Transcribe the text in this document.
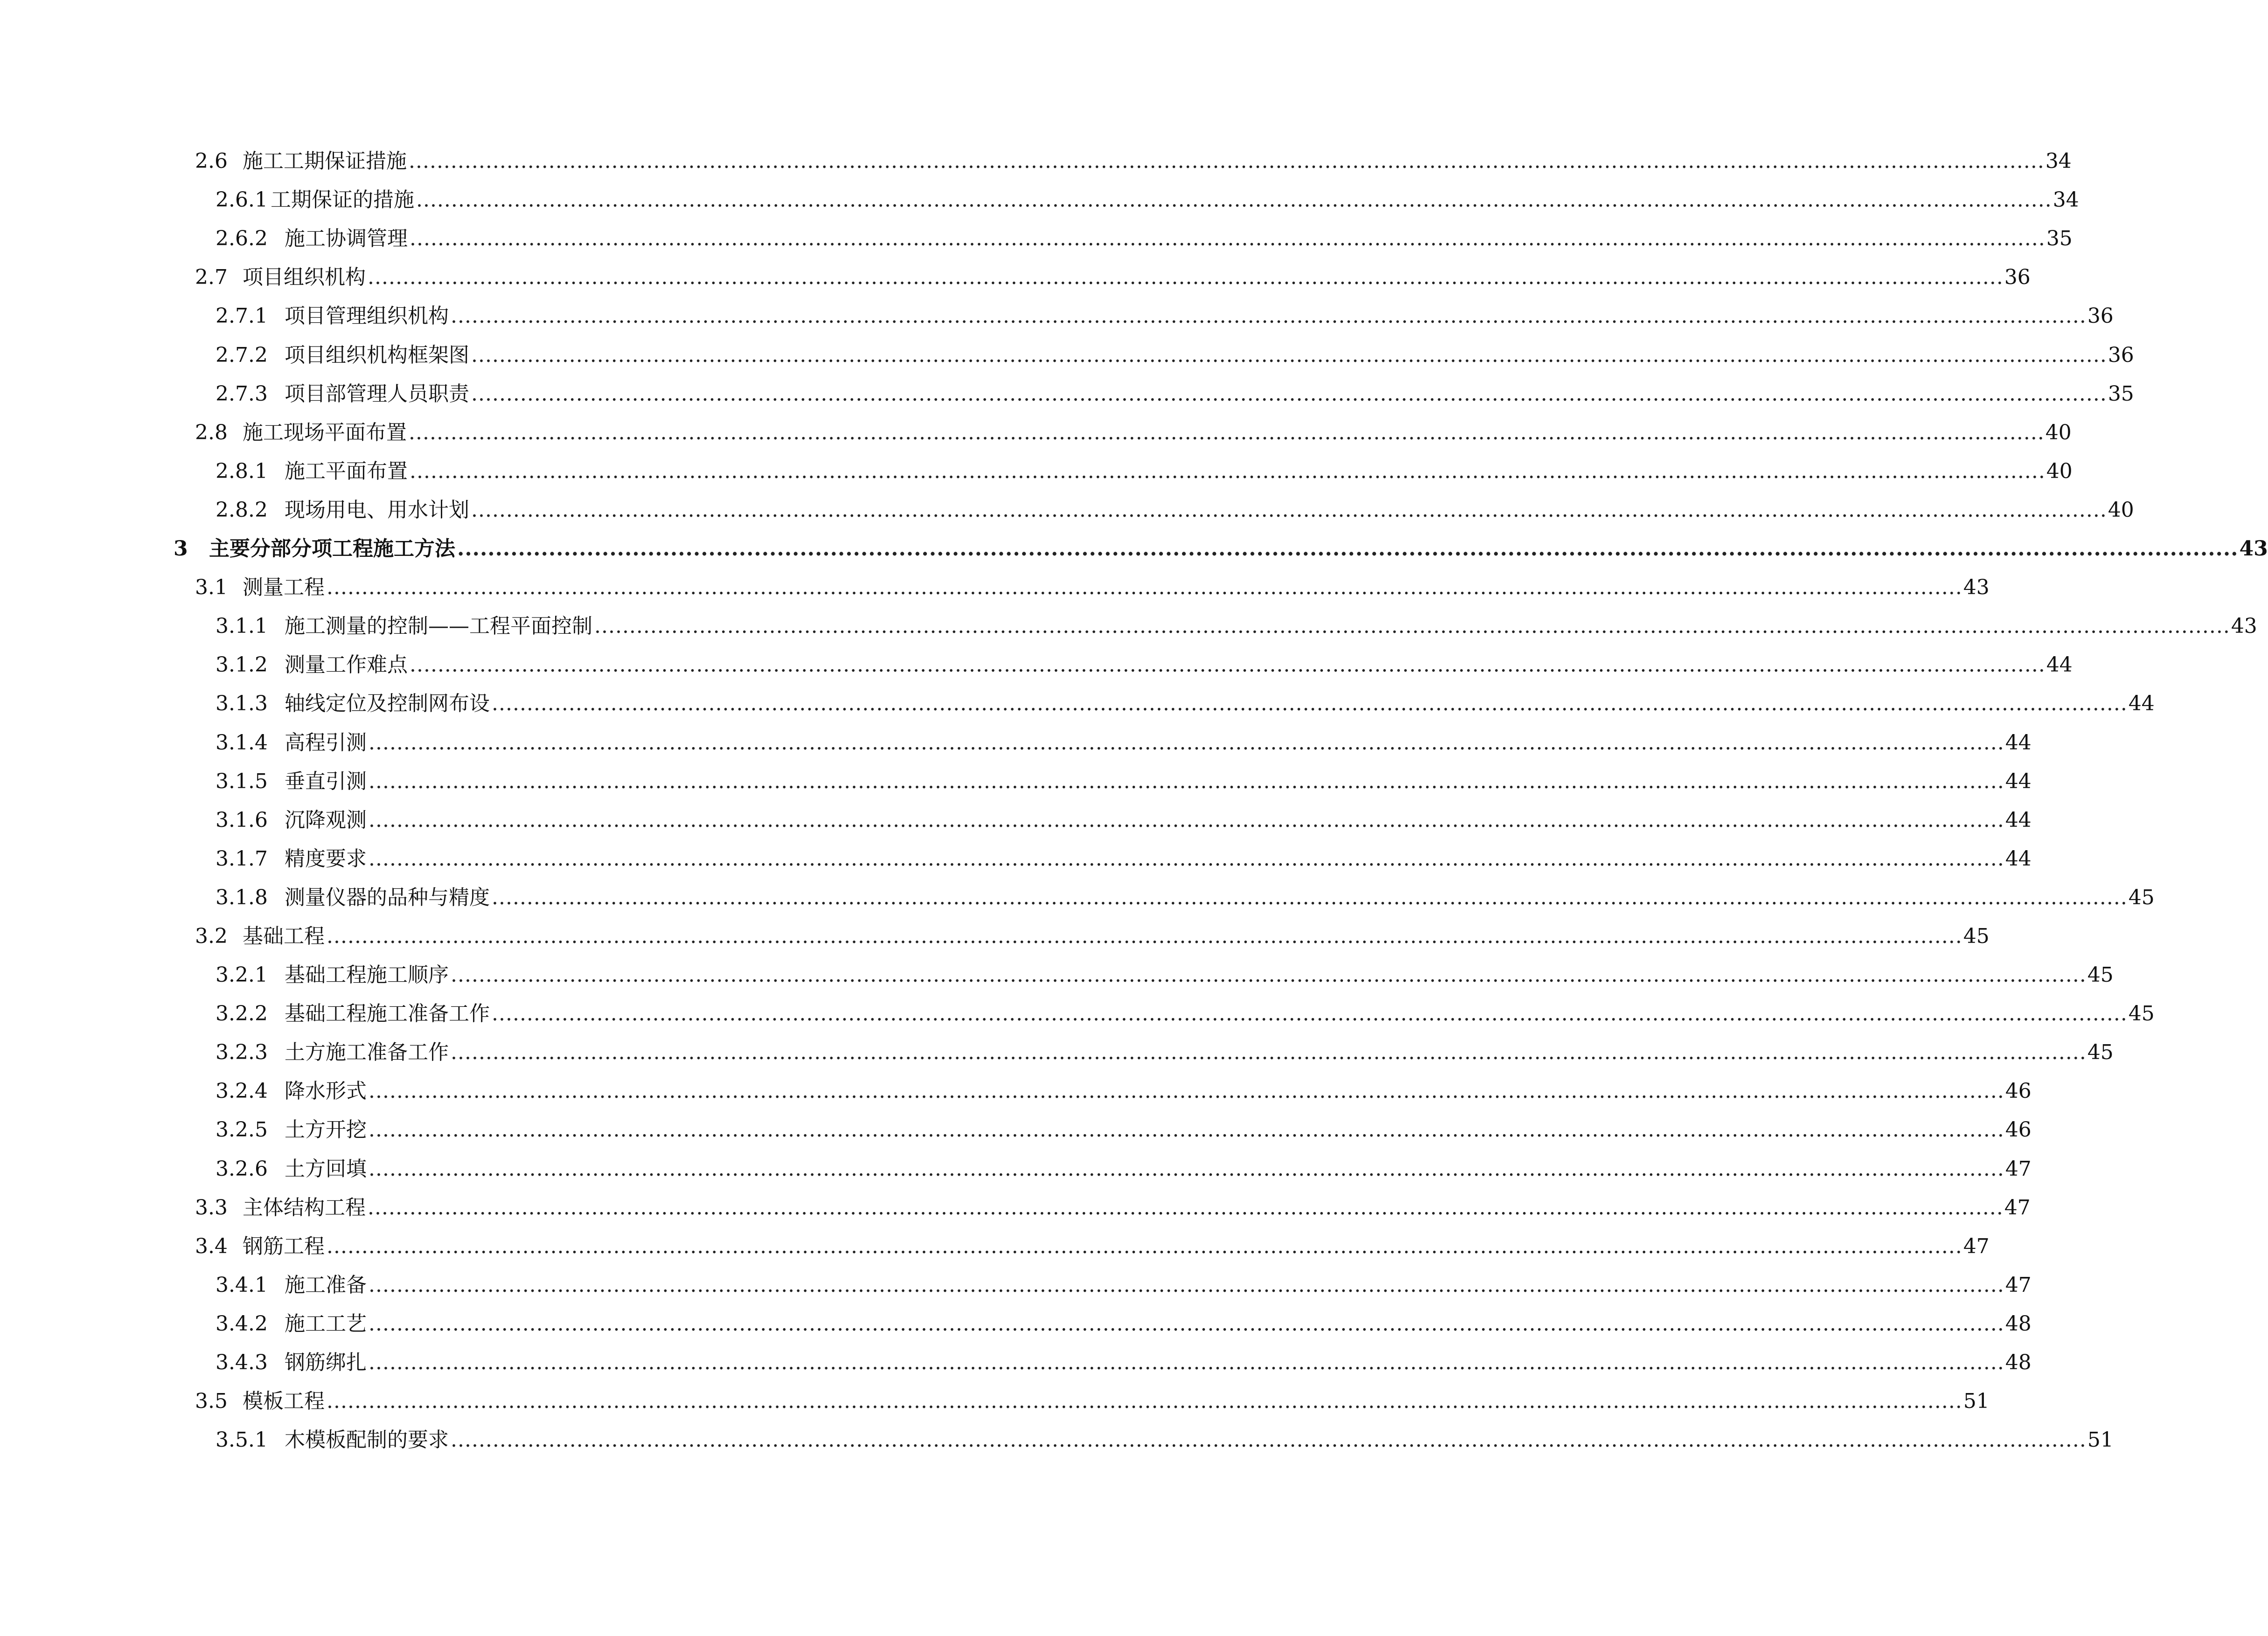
2.6 施工工期保证措施 .......................................................................................................................................................................................................................................... 34
2.6.1 工期保证的措施 .......................................................................................................................................................................................................................................... 34
2.6.2 施工协调管理 .......................................................................................................................................................................................................................................... 35
2.7 项目组织机构 .......................................................................................................................................................................................................................................... 36
2.7.1 项目管理组织机构 .......................................................................................................................................................................................................................................... 36
2.7.2 项目组织机构框架图 .......................................................................................................................................................................................................................................... 36
2.7.3 项目部管理人员职责 .......................................................................................................................................................................................................................................... 35
2.8 施工现场平面布置 .......................................................................................................................................................................................................................................... 40
2.8.1 施工平面布置 .......................................................................................................................................................................................................................................... 40
2.8.2 现场用电、用水计划 .......................................................................................................................................................................................................................................... 40
3	主要分部分项工程施工方法 .......................................................................................................................................................................................................................................... 43
3.1 测量工程 .......................................................................................................................................................................................................................................... 43
3.1.1 施工测量的控制——工程平面控制 .......................................................................................................................................................................................................................................... 43
3.1.2 测量工作难点 .......................................................................................................................................................................................................................................... 44
3.1.3 轴线定位及控制网布设 .......................................................................................................................................................................................................................................... 44
3.1.4 高程引测 .......................................................................................................................................................................................................................................... 44
3.1.5 垂直引测 .......................................................................................................................................................................................................................................... 44
3.1.6 沉降观测 .......................................................................................................................................................................................................................................... 44
3.1.7 精度要求 .......................................................................................................................................................................................................................................... 44
3.1.8 测量仪器的品种与精度 .......................................................................................................................................................................................................................................... 45
3.2 基础工程 .......................................................................................................................................................................................................................................... 45
3.2.1 基础工程施工顺序 .......................................................................................................................................................................................................................................... 45
3.2.2 基础工程施工准备工作 .......................................................................................................................................................................................................................................... 45
3.2.3 土方施工准备工作 .......................................................................................................................................................................................................................................... 45
3.2.4 降水形式 .......................................................................................................................................................................................................................................... 46
3.2.5 土方开挖 .......................................................................................................................................................................................................................................... 46
3.2.6 土方回填 .......................................................................................................................................................................................................................................... 47
3.3 主体结构工程 .......................................................................................................................................................................................................................................... 47
3.4 钢筋工程 .......................................................................................................................................................................................................................................... 47
3.4.1 施工准备 .......................................................................................................................................................................................................................................... 47
3.4.2 施工工艺 .......................................................................................................................................................................................................................................... 48
3.4.3 钢筋绑扎 .......................................................................................................................................................................................................................................... 48
3.5 模板工程 .......................................................................................................................................................................................................................................... 51
3.5.1 木模板配制的要求 .......................................................................................................................................................................................................................................... 51
